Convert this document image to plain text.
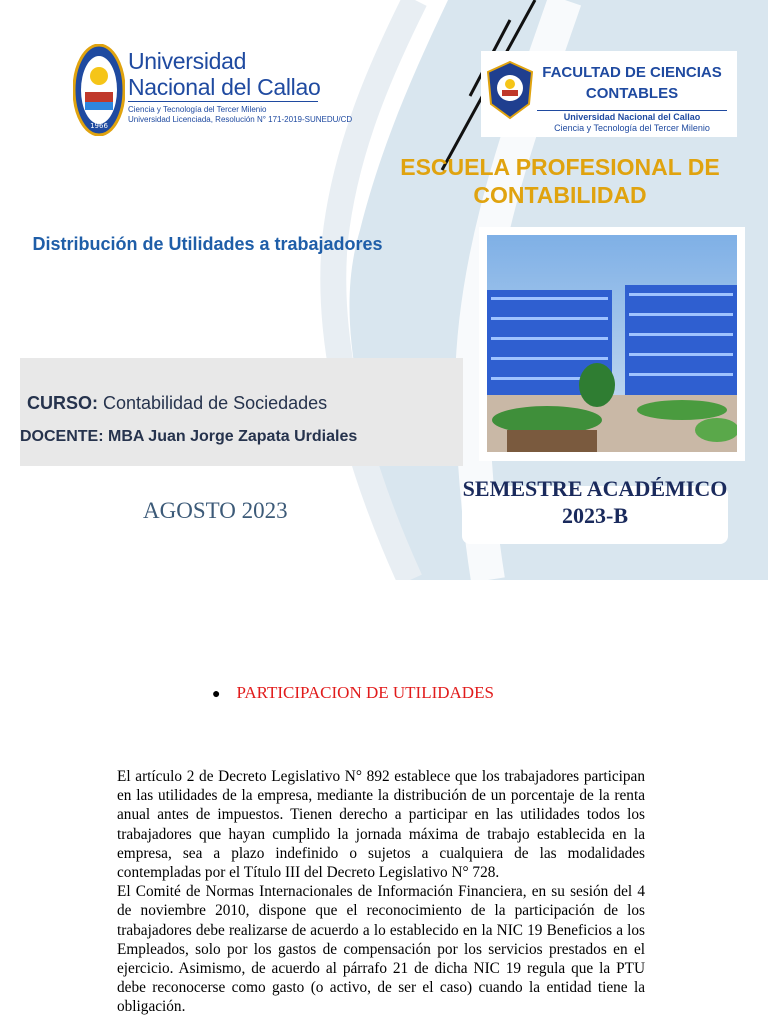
1966
Universidad
Nacional del Callao
Ciencia y Tecnología del Tercer Milenio
Universidad Licenciada, Resolución N° 171-2019-SUNEDU/CD
FACULTAD DE CIENCIAS CONTABLES
Universidad Nacional del Callao
Ciencia y Tecnología del Tercer Milenio
ESCUELA PROFESIONAL DE CONTABILIDAD
Distribución de Utilidades a trabajadores
CURSO: Contabilidad de Sociedades
DOCENTE: MBA Juan Jorge Zapata Urdiales
AGOSTO 2023
SEMESTRE ACADÉMICO 2023-B
● PARTICIPACION DE UTILIDADES

El artículo 2 de Decreto Legislativo N° 892 establece que los trabajadores participan en las utilidades de la empresa, mediante la distribución de un porcentaje de la renta anual antes de impuestos. Tienen derecho a participar en las utilidades todos los trabajadores que hayan cumplido la jornada máxima de trabajo establecida en la empresa, sea a plazo indefinido o sujetos a cualquiera de las modalidades contempladas por el Título III del Decreto Legislativo N° 728.

El Comité de Normas Internacionales de Información Financiera, en su sesión del 4 de noviembre 2010, dispone que el reconocimiento de la participación de los trabajadores debe realizarse de acuerdo a lo establecido en la NIC 19 Beneficios a los Empleados, solo por los gastos de compensación por los servicios prestados en el ejercicio. Asimismo, de acuerdo al párrafo 21 de dicha NIC 19 regula que la PTU debe reconocerse como gasto (o activo, de ser el caso) cuando la entidad tiene la obligación.
